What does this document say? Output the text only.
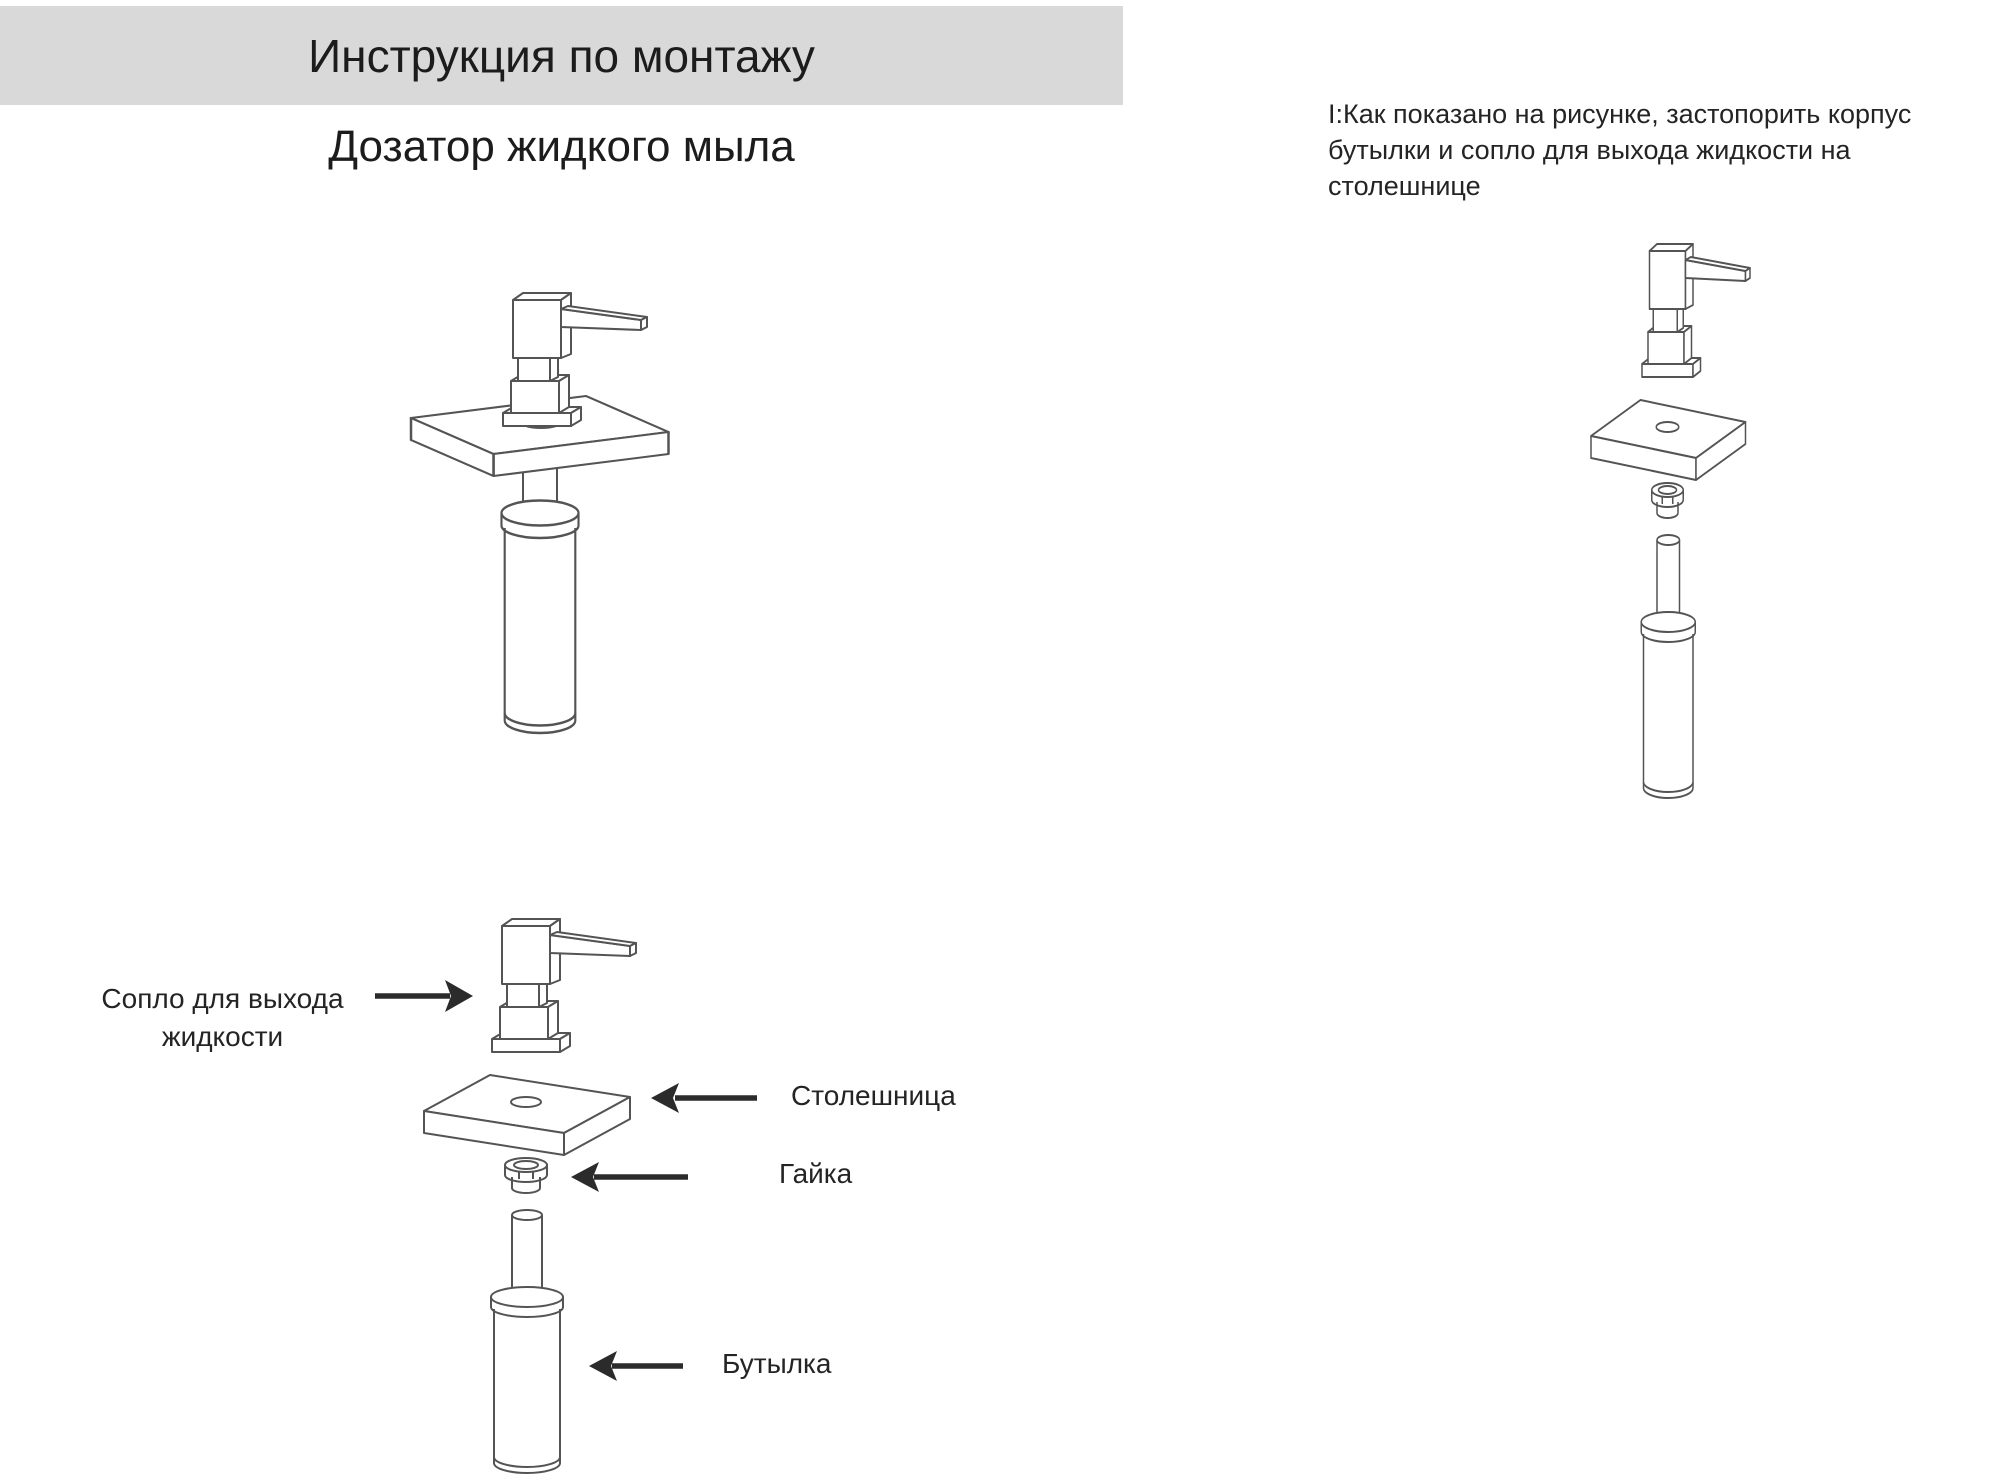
Инструкция по монтажу
Дозатор жидкого мыла
I:Как показано на рисунке, застопорить корпус
бутылки и сопло для выхода жидкости на
столешнице
Сопло для выхода жидкости
Столешница
Гайка
Бутылка
